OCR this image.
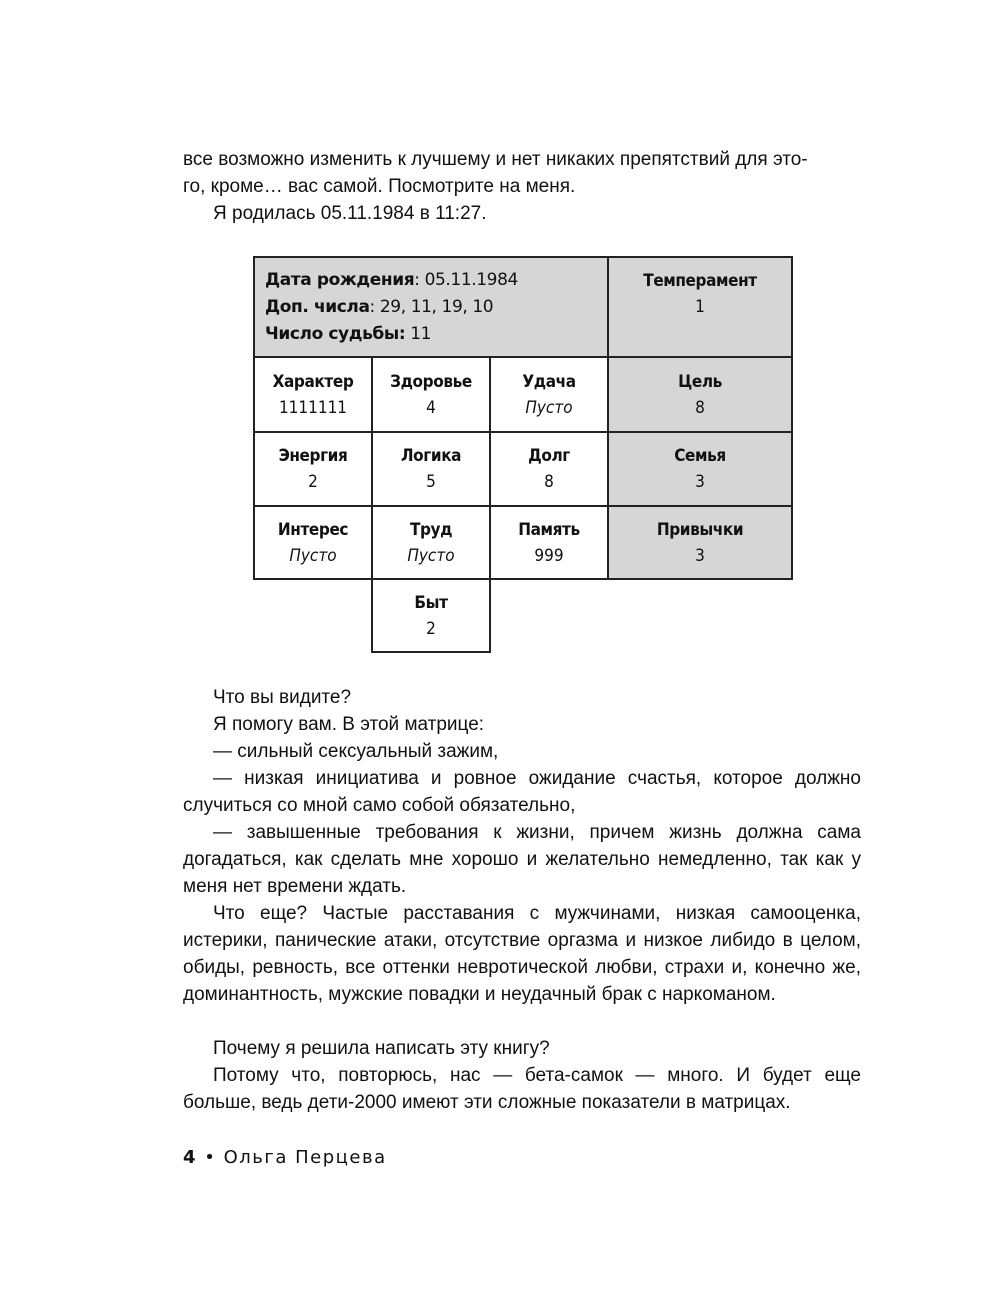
все возможно изменить к лучшему и нет никаких препятствий для это-

го, кроме… вас самой. Посмотрите на меня.

Я родилась 05.11.1984 в 11:27.

Дата рождения: 05.11.1984
Доп. числа: 29, 11, 19, 10
Число судьбы: 11
Темперамент
1
Характер
1111111
Здоровье
4
Удача
Пусто
Цель
8
Энергия
2
Логика
5
Долг
8
Семья
3
Интерес
Пусто
Труд
Пусто
Память
999
Привычки
3
Быт
2

Что вы видите?

Я помогу вам. В этой матрице:

— сильный сексуальный зажим,

— низкая инициатива и ровное ожидание счастья, которое должно случиться со мной само собой обязательно,

— завышенные требования к жизни, причем жизнь должна сама догадаться, как сделать мне хорошо и желательно немедленно, так как у меня нет времени ждать.

Что еще? Частые расставания с мужчинами, низкая самооценка, истерики, панические атаки, отсутствие оргазма и низкое либидо в целом, обиды, ревность, все оттенки невротической любви, страхи и, конечно же, доминантность, мужские повадки и неудачный брак с наркоманом.

Почему я решила написать эту книгу?

Потому что, повторюсь, нас — бета-самок — много. И будет еще больше, ведь дети-2000 имеют эти сложные показатели в матрицах.

4 • Ольга Перцева
